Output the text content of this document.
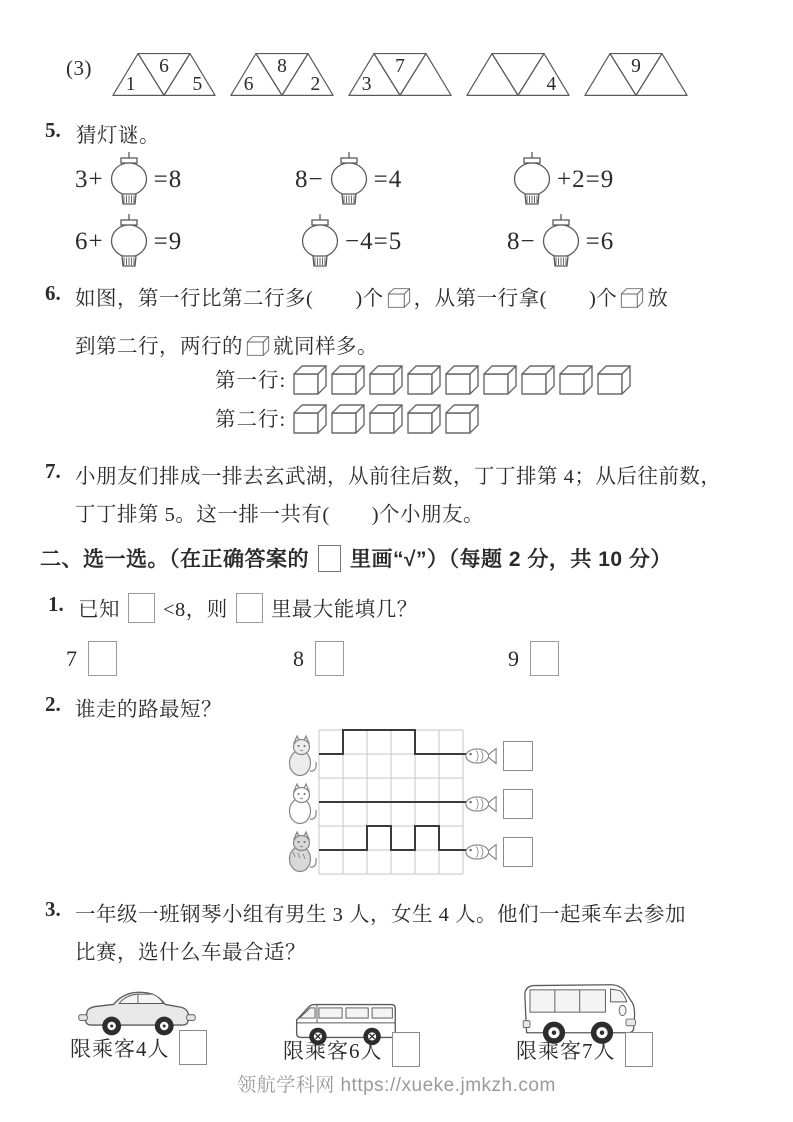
(3)
1
6
5 6
8
2 3
7
4
9
5. 猜灯谜。
3+ =8	8− =4	+2=9
6+ =9	−4=5	8− =6
6. 如图，第一行比第二行多(　　)个 ，从第一行拿(　　)个 放
到第二行，两行的 就同样多。
第一行:
第二行:
7. 小朋友们排成一排去玄武湖，从前往后数，丁丁排第 4；从后往前数，
丁丁排第 5。这一排一共有(　　)个小朋友。
二、选一选。（在正确答案的 里画“√”）（每题 2 分，共 10 分）
1. 已知 <8，则 里最大能填几？
2. 谁走的路最短？
3. 一年级一班钢琴小组有男生 3 人，女生 4 人。他们一起乘车去参加
比赛，选什么车最合适？
领航学科网 https://xueke.jmkzh.com
7	8	9
限乘客4人	限乘客6人	限乘客7人
